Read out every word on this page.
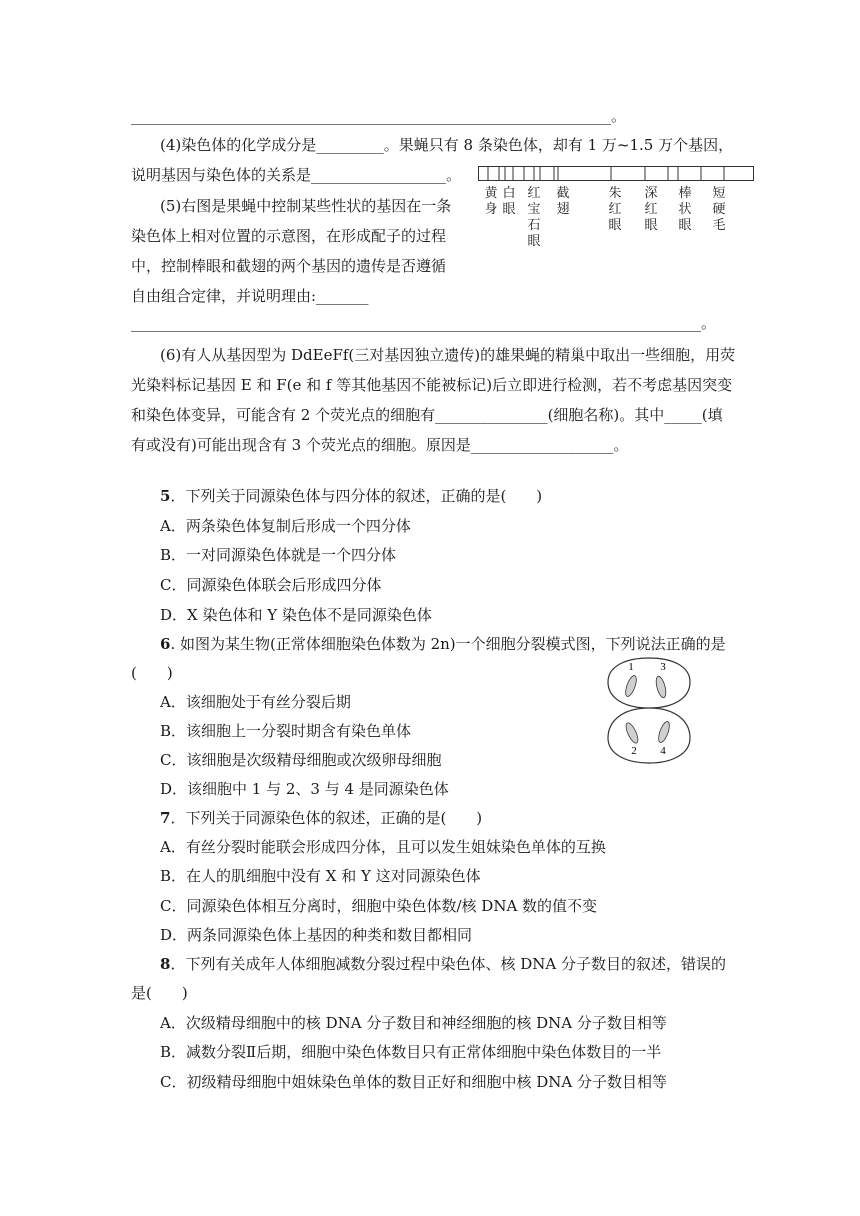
________________________________________________________________。
(4)染色体的化学成分是_________。果蝇只有 8 条染色体，却有 1 万~1.5 万个基因，
说明基因与染色体的关系是__________________。
(5)右图是果蝇中控制某些性状的基因在一条
染色体上相对位置的示意图，在形成配子的过程
中，控制棒眼和截翅的两个基因的遗传是否遵循
自由组合定律，并说明理由:_______
____________________________________________________________________________。
(6)有人从基因型为 DdEeFf(三对基因独立遗传)的雄果蝇的精巢中取出一些细胞，用荧
光染料标记基因 E 和 F(e 和 f 等其他基因不能被标记)后立即进行检测，若不考虑基因突变
和染色体变异，可能含有 2 个荧光点的细胞有_______________(细胞名称)。其中_____(填
有或没有)可能出现含有 3 个荧光点的细胞。原因是___________________。
黄
身
白
眼
红
宝
石
眼
截
翅
朱
红
眼
深
红
眼
棒
状
眼
短
硬
毛
5．下列关于同源染色体与四分体的叙述，正确的是(　　)
A．两条染色体复制后形成一个四分体
B．一对同源染色体就是一个四分体
C．同源染色体联会后形成四分体
D．X 染色体和 Y 染色体不是同源染色体
6. 如图为某生物(正常体细胞染色体数为 2n)一个细胞分裂模式图，下列说法正确的是
(　　)
A．该细胞处于有丝分裂后期
B．该细胞上一分裂时期含有染色单体
C．该细胞是次级精母细胞或次级卵母细胞
D．该细胞中 1 与 2、3 与 4 是同源染色体
1 3
2 4
7．下列关于同源染色体的叙述，正确的是(　　)
A．有丝分裂时能联会形成四分体，且可以发生姐妹染色单体的互换
B．在人的肌细胞中没有 X 和 Y 这对同源染色体
C．同源染色体相互分离时，细胞中染色体数/核 DNA 数的值不变
D．两条同源染色体上基因的种类和数目都相同
8．下列有关成年人体细胞减数分裂过程中染色体、核 DNA 分子数目的叙述，错误的
是(　　)
A．次级精母细胞中的核 DNA 分子数目和神经细胞的核 DNA 分子数目相等
B．减数分裂Ⅱ后期，细胞中染色体数目只有正常体细胞中染色体数目的一半
C．初级精母细胞中姐妹染色单体的数目正好和细胞中核 DNA 分子数目相等
